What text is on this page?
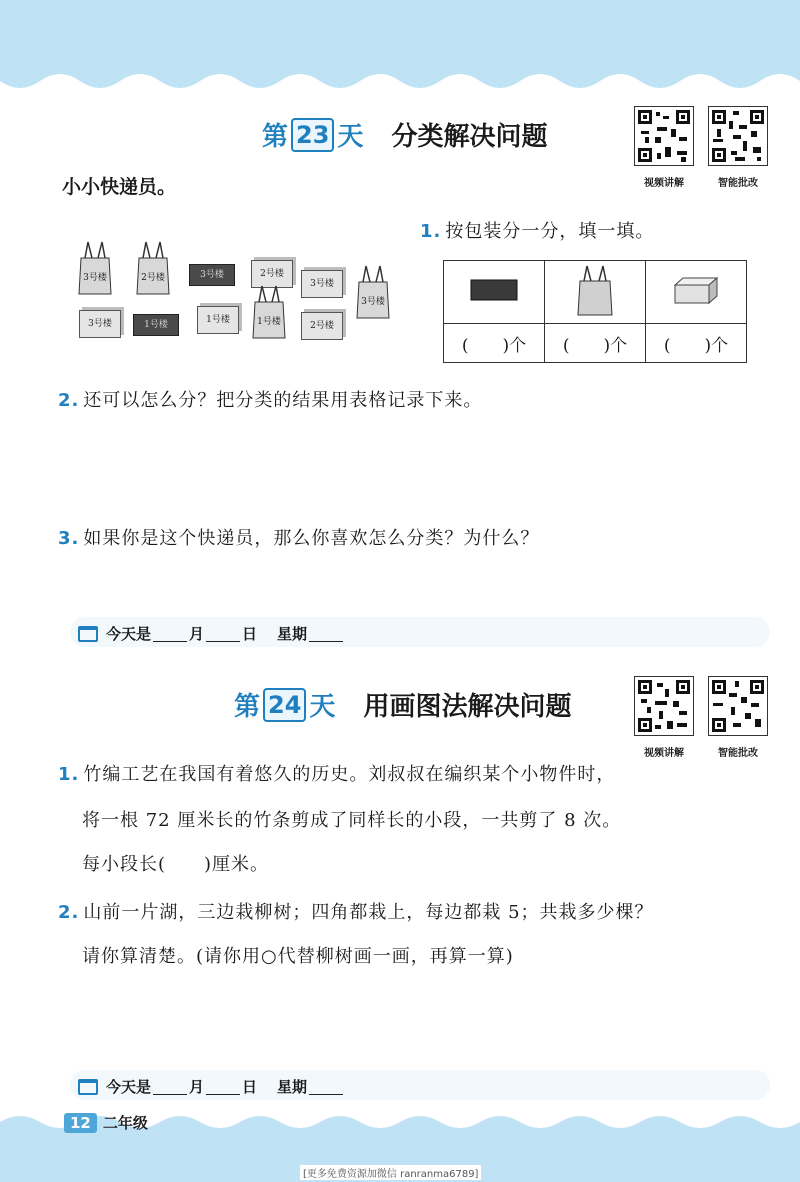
第 23 天 分类解决问题
视频讲解	智能批改
小小快递员。
1. 按包装分一分，填一填。
3号楼	2号楼	3号楼	2号楼
3号楼
3号楼
3号楼	1号楼	1号楼	1号楼	2号楼

(　　)个	(　　)个	(　　)个
2. 还可以怎么分？把分类的结果用表格记录下来。
3. 如果你是这个快递员，那么你喜欢怎么分类？为什么？
今天是	月	日 星期
第 24 天 用画图法解决问题
视频讲解	智能批改
1. 竹编工艺在我国有着悠久的历史。刘叔叔在编织某个小物件时，
将一根 72 厘米长的竹条剪成了同样长的小段，一共剪了 8 次。
每小段长(　　)厘米。
2. 山前一片湖，三边栽柳树；四角都栽上，每边都栽 5；共栽多少棵？
请你算清楚。(请你用○代替柳树画一画，再算一算)
今天是	月	日 星期
12 二年级
[更多免费资源加微信 ranranma6789]
